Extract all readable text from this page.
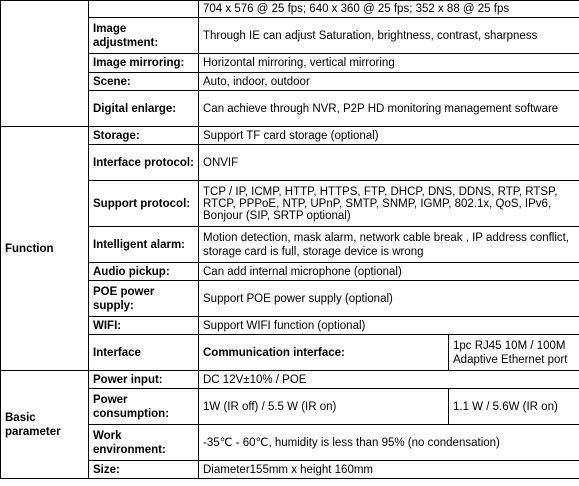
		704 x 576 @ 25 fps; 640 x 360 @ 25 fps; 352 x 88 @ 25 fps	
	Image adjustment:	Through IE can adjust Saturation, brightness, contrast, sharpness	
	Image mirroring:	Horizontal mirroring, vertical mirroring	
	Scene:	Auto, indoor, outdoor	
	Digital enlarge:	Can achieve through NVR, P2P HD monitoring management software	
Function	Storage:	Support TF card storage (optional)	
	Interface protocol:	ONVIF	
	Support protocol:	TCP / IP, ICMP, HTTP, HTTPS, FTP, DHCP, DNS, DDNS, RTP, RTSP, RTCP, PPPoE, NTP, UPnP, SMTP, SNMP, IGMP, 802.1x, QoS, IPv6, Bonjour (SIP, SRTP optional)	
	Intelligent alarm:	Motion detection, mask alarm, network cable break , IP address conflict, storage card is full, storage device is wrong	
	Audio pickup:	Can add internal microphone (optional)	
	POE power supply:	Support POE power supply (optional)	
	WIFI:	Support WIFI function (optional)	
	Interface	Communication interface:	1pc RJ45 10M / 100M Adaptive Ethernet port
Basic parameter	Power input:	DC 12V±10% / POE	
	Power consumption:	1W (IR off) / 5.5 W (IR on)	1.1 W / 5.6W (IR on)
	Work environment:	-35℃ - 60℃, humidity is less than 95% (no condensation)	
	Size:	Diameter155mm x height 160mm	
